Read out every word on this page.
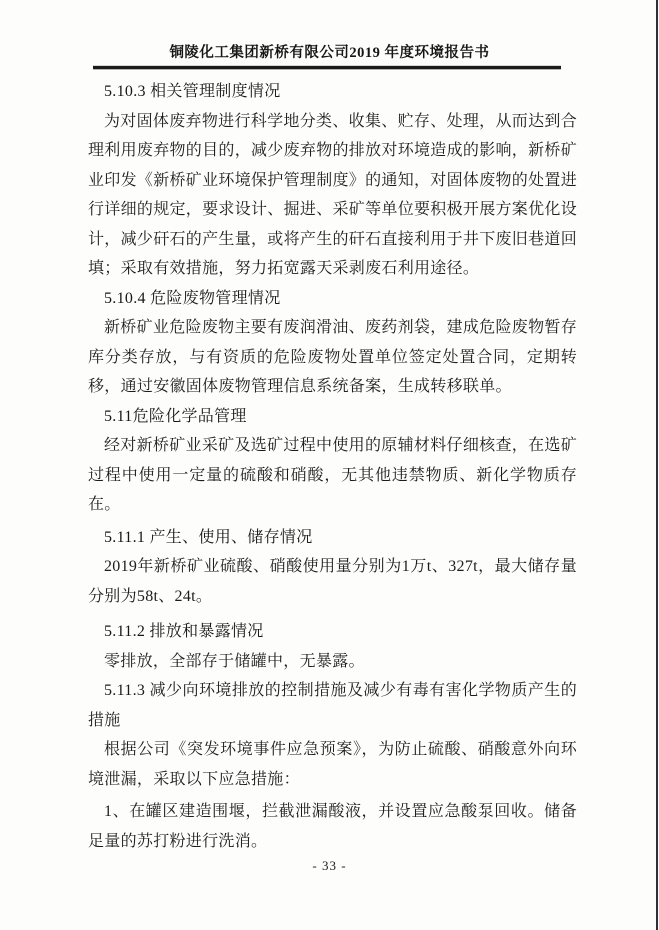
铜陵化工集团新桥有限公司2019 年度环境报告书

5.10.3 相关管理制度情况

为对固体废弃物进行科学地分类、收集、贮存、处理，从而达到合理利用废弃物的目的，减少废弃物的排放对环境造成的影响，新桥矿业印发《新桥矿业环境保护管理制度》的通知，对固体废物的处置进行详细的规定，要求设计、掘进、采矿等单位要积极开展方案优化设计，减少矸石的产生量，或将产生的矸石直接利用于井下废旧巷道回填；采取有效措施，努力拓宽露天采剥废石利用途径。

5.10.4 危险废物管理情况

新桥矿业危险废物主要有废润滑油、废药剂袋，建成危险废物暂存库分类存放，与有资质的危险废物处置单位签定处置合同，定期转移，通过安徽固体废物管理信息系统备案，生成转移联单。

5.11危险化学品管理

经对新桥矿业采矿及选矿过程中使用的原辅材料仔细核查，在选矿过程中使用一定量的硫酸和硝酸，无其他违禁物质、新化学物质存在。

5.11.1 产生、使用、储存情况

2019年新桥矿业硫酸、硝酸使用量分别为1万t、327t，最大储存量分别为58t、24t。

5.11.2 排放和暴露情况

零排放，全部存于储罐中，无暴露。

5.11.3 减少向环境排放的控制措施及减少有毒有害化学物质产生的措施

根据公司《突发环境事件应急预案》，为防止硫酸、硝酸意外向环境泄漏，采取以下应急措施：

1、在罐区建造围堰，拦截泄漏酸液，并设置应急酸泵回收。储备足量的苏打粉进行洗消。

- 33 -
